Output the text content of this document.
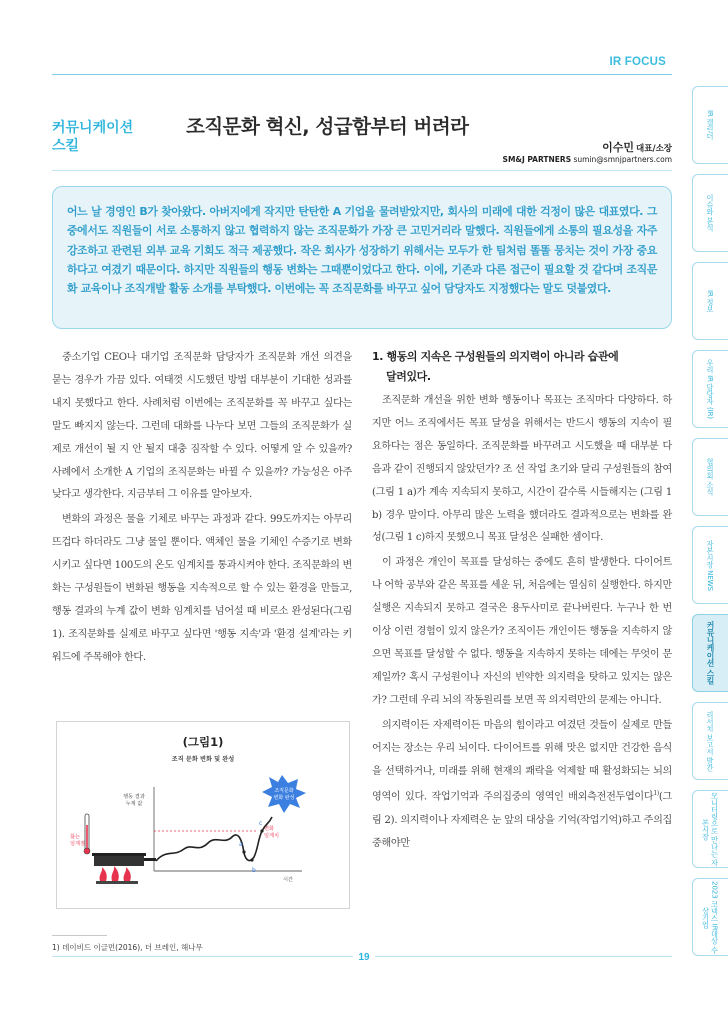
IR FOCUS
커뮤니케이션
스킬
조직문화 혁신, 성급함부터 버려라
이수민 대표/소장
SM&J PARTNERS sumin@smnjpartners.com

어느 날 경영인 B가 찾아왔다. 아버지에게 작지만 탄탄한 A 기업을 물려받았지만, 회사의 미래에 대한 걱정이 많은 대표였다. 그 중에서도 직원들이 서로 소통하지 않고 협력하지 않는 조직문화가 가장 큰 고민거리라 말했다. 직원들에게 소통의 필요성을 자주 강조하고 관련된 외부 교육 기회도 적극 제공했다. 작은 회사가 성장하기 위해서는 모두가 한 팀처럼 똘똘 뭉치는 것이 가장 중요하다고 여겼기 때문이다. 하지만 직원들의 행동 변화는 그때뿐이었다고 한다. 이에, 기존과 다른 접근이 필요할 것 같다며 조직문화 교육이나 조직개발 활동 소개를 부탁했다. 이번에는 꼭 조직문화를 바꾸고 싶어 담당자도 지정했다는 말도 덧붙였다.

중소기업 CEO나 대기업 조직문화 담당자가 조직문화 개선 의견을 묻는 경우가 가끔 있다. 여태껏 시도했던 방법 대부분이 기대한 성과를 내지 못했다고 한다. 사례처럼 이번에는 조직문화를 꼭 바꾸고 싶다는 말도 빠지지 않는다. 그런데 대화를 나누다 보면 그들의 조직문화가 실제로 개선이 될 지 안 될지 대충 짐작할 수 있다. 어떻게 알 수 있을까? 사례에서 소개한 A 기업의 조직문화는 바뀔 수 있을까? 가능성은 아주 낮다고 생각한다. 지금부터 그 이유를 알아보자.

변화의 과정은 물을 기체로 바꾸는 과정과 같다. 99도까지는 아무리 뜨겁다 하더라도 그냥 물일 뿐이다. 액체인 물을 기체인 수증기로 변화시키고 싶다면 100도의 온도 임계치를 통과시켜야 한다. 조직문화의 변화는 구성원들이 변화된 행동을 지속적으로 할 수 있는 환경을 만들고, 행동 결과의 누계 값이 변화 임계치를 넘어설 때 비로소 완성된다(그림 1). 조직문화를 실제로 바꾸고 싶다면 '행동 지속'과 '환경 설계'라는 키워드에 주목해야 한다.

(그림1)
조직 문화 변화 및 완성
행동 결과
누계 값
시간
변화
임계치
a
b
c
조직문화
변화 완성
끓는
임계점
1. 행동의 지속은 구성원들의 의지력이 아니라 습관에
달려있다.

조직문화 개선을 위한 변화 행동이나 목표는 조직마다 다양하다. 하지만 어느 조직에서든 목표 달성을 위해서는 반드시 행동의 지속이 필요하다는 점은 동일하다. 조직문화를 바꾸려고 시도했을 때 대부분 다음과 같이 진행되지 않았던가? 조 선 작업 초기와 달리 구성원들의 참여(그림 1 a)가 계속 지속되지 못하고, 시간이 갈수록 시들해지는 (그림 1 b) 경우 말이다. 아무리 많은 노력을 했더라도 결과적으로는 변화를 완성(그림 1 c)하지 못했으니 목표 달성은 실패한 셈이다.

이 과정은 개인이 목표를 달성하는 중에도 흔히 발생한다. 다이어트나 어학 공부와 같은 목표를 세운 뒤, 처음에는 열심히 실행한다. 하지만 실행은 지속되지 못하고 결국은 용두사미로 끝나버린다. 누구나 한 번 이상 이런 경험이 있지 않은가? 조직이든 개인이든 행동을 지속하지 않으면 목표를 달성할 수 없다. 행동을 지속하지 못하는 데에는 무엇이 문제일까? 혹시 구성원이나 자신의 빈약한 의지력을 탓하고 있지는 않은가? 그런데 우리 뇌의 작동원리를 보면 꼭 의지력만의 문제는 아니다.

의지력이든 자제력이든 마음의 힘이라고 여겼던 것들이 실제로 만들어지는 장소는 우리 뇌이다. 다이어트를 위해 맛은 없지만 건강한 음식을 선택하거나, 미래를 위해 현재의 쾌락을 억제할 때 활성화되는 뇌의 영역이 있다. 작업기억과 주의집중의 영역인 배외측전전두엽이다$^{1)}$(그림 2). 의지력이나 자제력은 눈 앞의 대상을 기억(작업기억)하고 주의집중해야만

1) 데이비드 이글먼(2016), 더 브레인, 해나무
19
IR 캘린더
이슈와 분석
IR 정보
우리 IR 담당자 (IR)
협의회 소식
자본시장 NEWS
커뮤니케이션 스킬
리서치 보고서 발간
모니터링으로 만나는 자본시장
2023 코넥스 IR대상 수상기업
